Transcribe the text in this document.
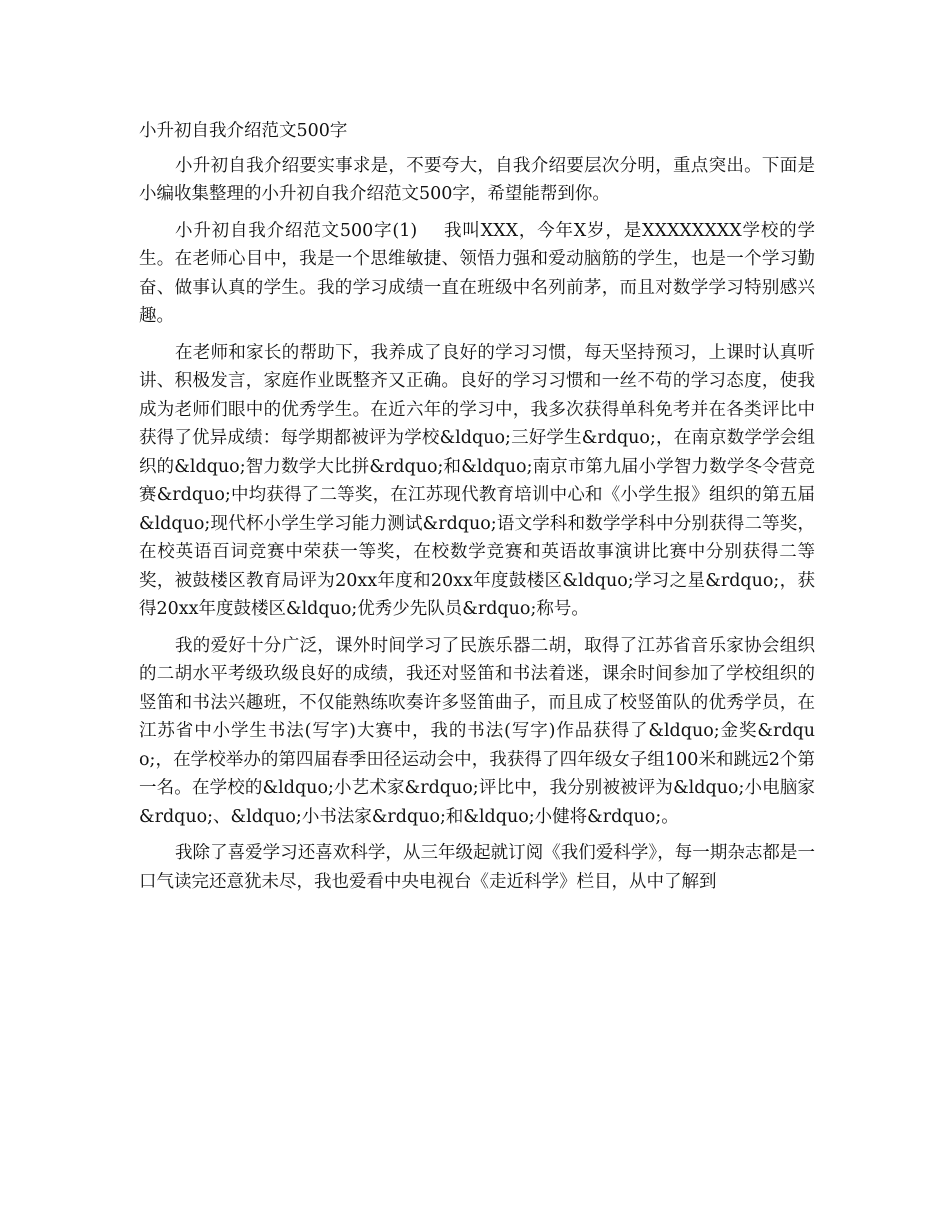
小升初自我介绍范文500字

小升初自我介绍要实事求是，不要夸大，自我介绍要层次分明，重点突出。下面是小编收集整理的小升初自我介绍范文500字，希望能帮到你。

小升初自我介绍范文500字(1) 我叫XXX，今年X岁，是XXXXXXXX学校的学生。在老师心目中，我是一个思维敏捷、领悟力强和爱动脑筋的学生，也是一个学习勤奋、做事认真的学生。我的学习成绩一直在班级中名列前茅，而且对数学学习特别感兴趣。

在老师和家长的帮助下，我养成了良好的学习习惯，每天坚持预习，上课时认真听讲、积极发言，家庭作业既整齐又正确。良好的学习习惯和一丝不苟的学习态度，使我成为老师们眼中的优秀学生。在近六年的学习中，我多次获得单科免考并在各类评比中获得了优异成绩：每学期都被评为学校&ldquo;三好学生&rdquo;，在南京数学学会组织的&ldquo;智力数学大比拼&rdquo;和&ldquo;南京市第九届小学智力数学冬令营竞赛&rdquo;中均获得了二等奖，在江苏现代教育培训中心和《小学生报》组织的第五届&ldquo;现代杯小学生学习能力测试&rdquo;语文学科和数学学科中分别获得二等奖，在校英语百词竞赛中荣获一等奖，在校数学竞赛和英语故事演讲比赛中分别获得二等奖，被鼓楼区教育局评为20xx年度和20xx年度鼓楼区&ldquo;学习之星&rdquo;，获得20xx年度鼓楼区&ldquo;优秀少先队员&rdquo;称号。

我的爱好十分广泛，课外时间学习了民族乐器二胡，取得了江苏省音乐家协会组织的二胡水平考级玖级良好的成绩，我还对竖笛和书法着迷，课余时间参加了学校组织的竖笛和书法兴趣班，不仅能熟练吹奏许多竖笛曲子，而且成了校竖笛队的优秀学员，在江苏省中小学生书法(写字)大赛中，我的书法(写字)作品获得了&ldquo;金奖&rdquo;，在学校举办的第四届春季田径运动会中，我获得了四年级女子组100米和跳远2个第一名。在学校的&ldquo;小艺术家&rdquo;评比中，我分别被被评为&ldquo;小电脑家&rdquo;、&ldquo;小书法家&rdquo;和&ldquo;小健将&rdquo;。

我除了喜爱学习还喜欢科学，从三年级起就订阅《我们爱科学》，每一期杂志都是一口气读完还意犹未尽，我也爱看中央电视台《走近科学》栏目，从中了解到
